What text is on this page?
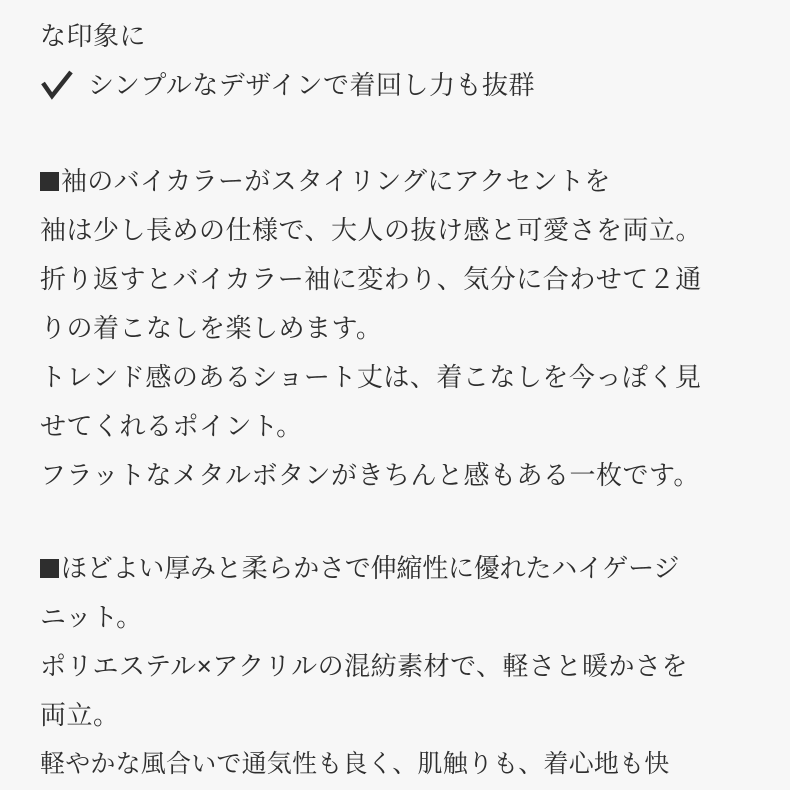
な印象に
シンプルなデザインで着回し力も抜群
袖のバイカラーがスタイリングにアクセントを
袖は少し長めの仕様で、大人の抜け感と可愛さを両立。
折り返すとバイカラー袖に変わり、気分に合わせて２通
りの着こなしを楽しめます。
トレンド感のあるショート丈は、着こなしを今っぽく見
せてくれるポイント。
フラットなメタルボタンがきちんと感もある一枚です。
ほどよい厚みと柔らかさで伸縮性に優れたハイゲージ
ニット。
ポリエステル×アクリルの混紡素材で、軽さと暖かさを
両立。
軽やかな風合いで通気性も良く、肌触りも、着心地も快
